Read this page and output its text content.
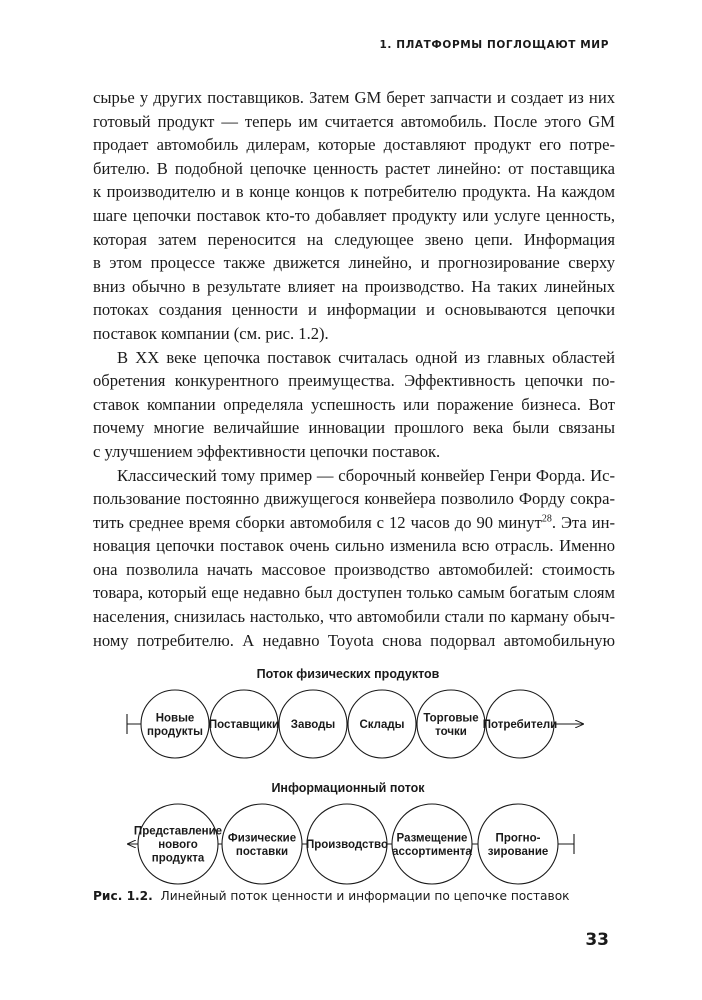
1. ПЛАТФОРМЫ ПОГЛОЩАЮТ МИР

сырье у других поставщиков. Затем GM берет запчасти и создает из них
готовый продукт — теперь им считается автомобиль. После этого GM
продает автомобиль дилерам, которые доставляют продукт его потре-
бителю. В подобной цепочке ценность растет линейно: от поставщика
к производителю и в конце концов к потребителю продукта. На каждом
шаге цепочки поставок кто-то добавляет продукту или услуге ценность,
которая затем переносится на следующее звено цепи. Информация
в этом процессе также движется линейно, и прогнозирование сверху
вниз обычно в результате влияет на производство. На таких линейных
потоках создания ценности и информации и основываются цепочки
поставок компании (см. рис. 1.2).

В XX веке цепочка поставок считалась одной из главных областей
обретения конкурентного преимущества. Эффективность цепочки по-
ставок компании определяла успешность или поражение бизнеса. Вот
почему многие величайшие инновации прошлого века были связаны
с улучшением эффективности цепочки поставок.

Классический тому пример — сборочный конвейер Генри Форда. Ис-
пользование постоянно движущегося конвейера позволило Форду сокра-
тить среднее время сборки автомобиля с 12 часов до 90 минут$^{28}$. Эта ин-
новация цепочки поставок очень сильно изменила всю отрасль. Именно
она позволила начать массовое производство автомобилей: стоимость
товара, который еще недавно был доступен только самым богатым слоям
населения, снизилась настолько, что автомобили стали по карману обыч-
ному потребителю. А недавно Toyota снова подорвал автомобильную

Поток физических продуктов
Новые
продукты
Поставщики Заводы Склады
Торговые
точки
Потребители
Информационный поток
Представление
нового
продукта
Физические
поставки
Производство
Размещение
ассортимента
Прогно-
зирование
Рис. 1.2. Линейный поток ценности и информации по цепочке поставок
33
